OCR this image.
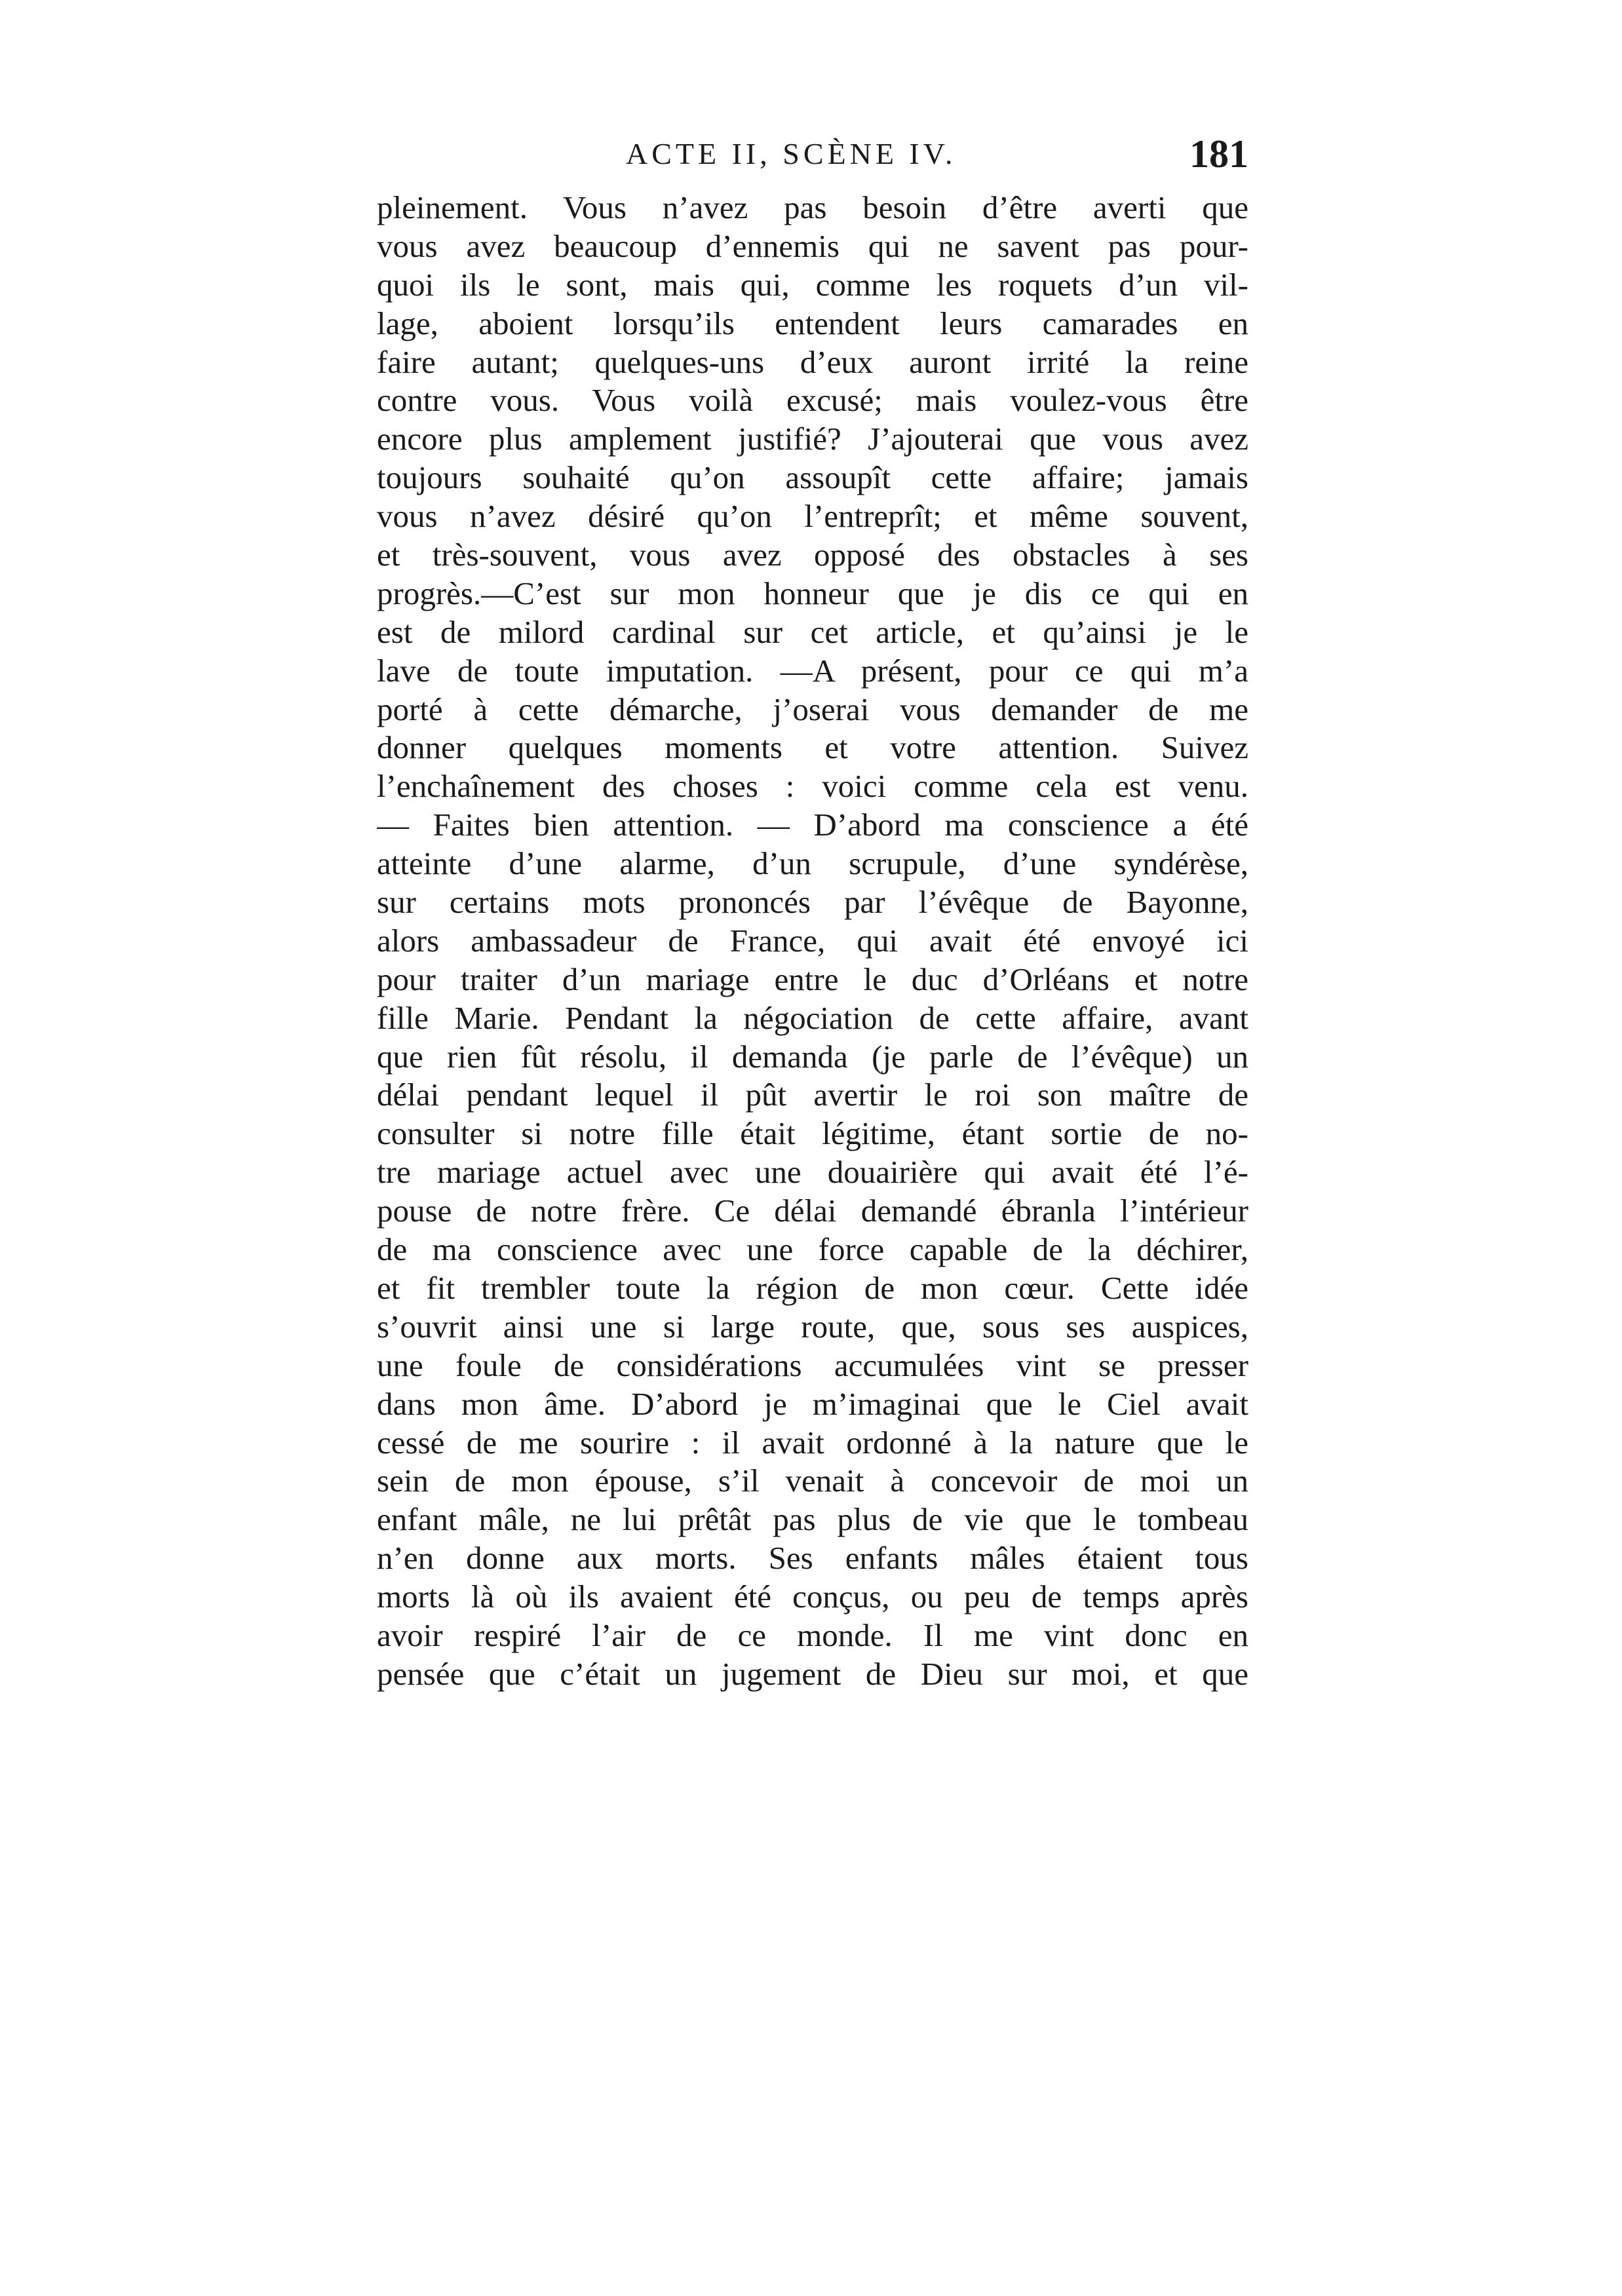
ACTE II, SCÈNE IV.	181
pleinement. Vous n’avez pas besoin d’être averti que
vous avez beaucoup d’ennemis qui ne savent pas pour-
quoi ils le sont, mais qui, comme les roquets d’un vil-
lage, aboient lorsqu’ils entendent leurs camarades en
faire autant; quelques-uns d’eux auront irrité la reine
contre vous. Vous voilà excusé; mais voulez-vous être
encore plus amplement justifié? J’ajouterai que vous avez
toujours souhaité qu’on assoupît cette affaire; jamais
vous n’avez désiré qu’on l’entreprît; et même souvent,
et très-souvent, vous avez opposé des obstacles à ses
progrès.—C’est sur mon honneur que je dis ce qui en
est de milord cardinal sur cet article, et qu’ainsi je le
lave de toute imputation. —A présent, pour ce qui m’a
porté à cette démarche, j’oserai vous demander de me
donner quelques moments et votre attention. Suivez
l’enchaînement des choses : voici comme cela est venu.
— Faites bien attention. — D’abord ma conscience a été
atteinte d’une alarme, d’un scrupule, d’une syndérèse,
sur certains mots prononcés par l’évêque de Bayonne,
alors ambassadeur de France, qui avait été envoyé ici
pour traiter d’un mariage entre le duc d’Orléans et notre
fille Marie. Pendant la négociation de cette affaire, avant
que rien fût résolu, il demanda (je parle de l’évêque) un
délai pendant lequel il pût avertir le roi son maître de
consulter si notre fille était légitime, étant sortie de no-
tre mariage actuel avec une douairière qui avait été l’é-
pouse de notre frère. Ce délai demandé ébranla l’intérieur
de ma conscience avec une force capable de la déchirer,
et fit trembler toute la région de mon cœur. Cette idée
s’ouvrit ainsi une si large route, que, sous ses auspices,
une foule de considérations accumulées vint se presser
dans mon âme. D’abord je m’imaginai que le Ciel avait
cessé de me sourire : il avait ordonné à la nature que le
sein de mon épouse, s’il venait à concevoir de moi un
enfant mâle, ne lui prêtât pas plus de vie que le tombeau
n’en donne aux morts. Ses enfants mâles étaient tous
morts là où ils avaient été conçus, ou peu de temps après
avoir respiré l’air de ce monde. Il me vint donc en
pensée que c’était un jugement de Dieu sur moi, et que
